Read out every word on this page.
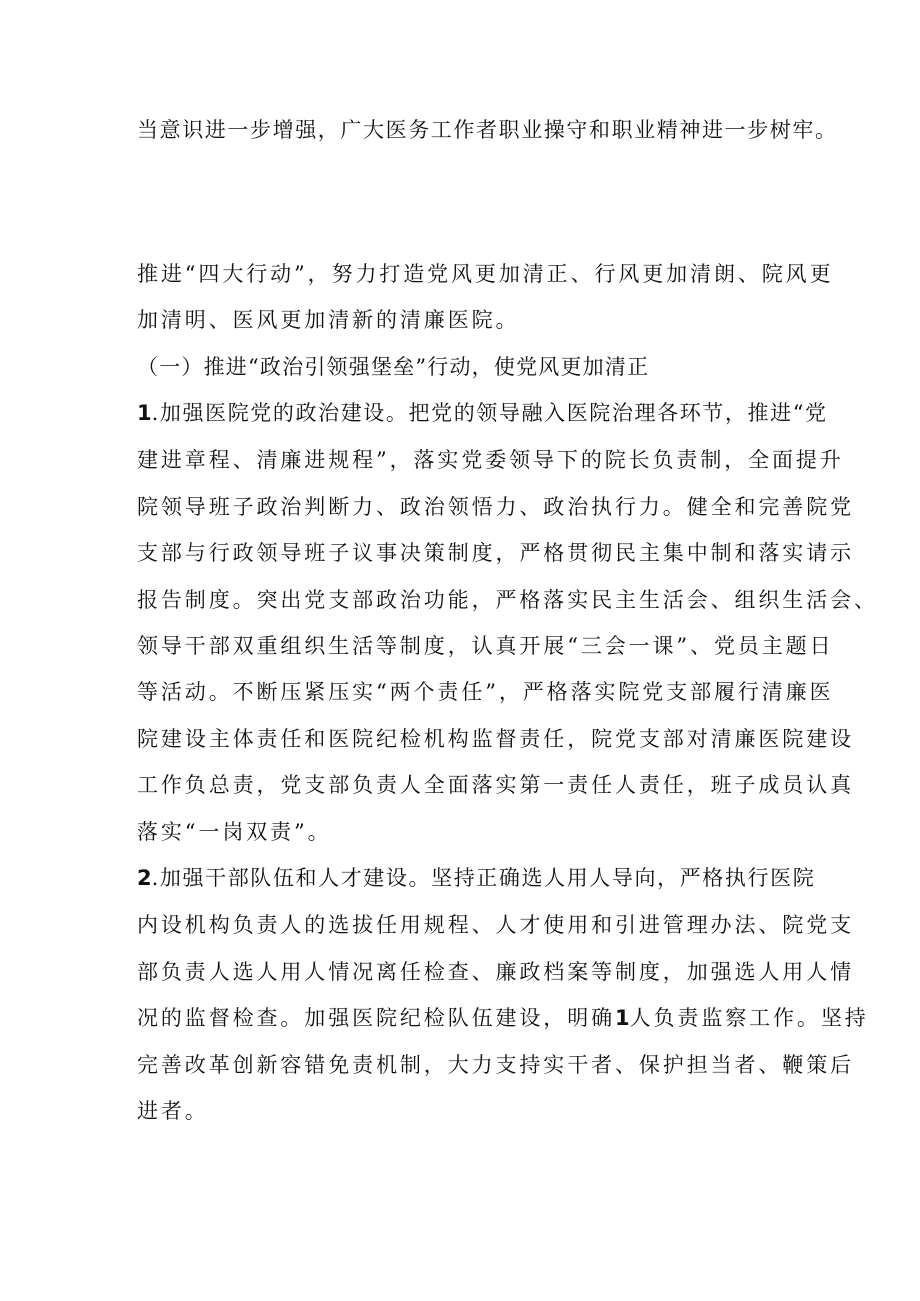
当意识进一步增强，广大医务工作者职业操守和职业精神进一步树牢。
推进“四大行动”，努力打造党风更加清正、行风更加清朗、院风更
加清明、医风更加清新的清廉医院。
（一）推进“政治引领强堡垒”行动，使党风更加清正
1.加强医院党的政治建设。把党的领导融入医院治理各环节，推进“党
建进章程、清廉进规程”，落实党委领导下的院长负责制，全面提升
院领导班子政治判断力、政治领悟力、政治执行力。健全和完善院党
支部与行政领导班子议事决策制度，严格贯彻民主集中制和落实请示
报告制度。突出党支部政治功能，严格落实民主生活会、组织生活会、
领导干部双重组织生活等制度，认真开展“三会一课”、党员主题日
等活动。不断压紧压实“两个责任”，严格落实院党支部履行清廉医
院建设主体责任和医院纪检机构监督责任，院党支部对清廉医院建设
工作负总责，党支部负责人全面落实第一责任人责任，班子成员认真
落实“一岗双责”。
2.加强干部队伍和人才建设。坚持正确选人用人导向，严格执行医院
内设机构负责人的选拔任用规程、人才使用和引进管理办法、院党支
部负责人选人用人情况离任检查、廉政档案等制度，加强选人用人情
况的监督检查。加强医院纪检队伍建设，明确1人负责监察工作。坚持
完善改革创新容错免责机制，大力支持实干者、保护担当者、鞭策后
进者。
